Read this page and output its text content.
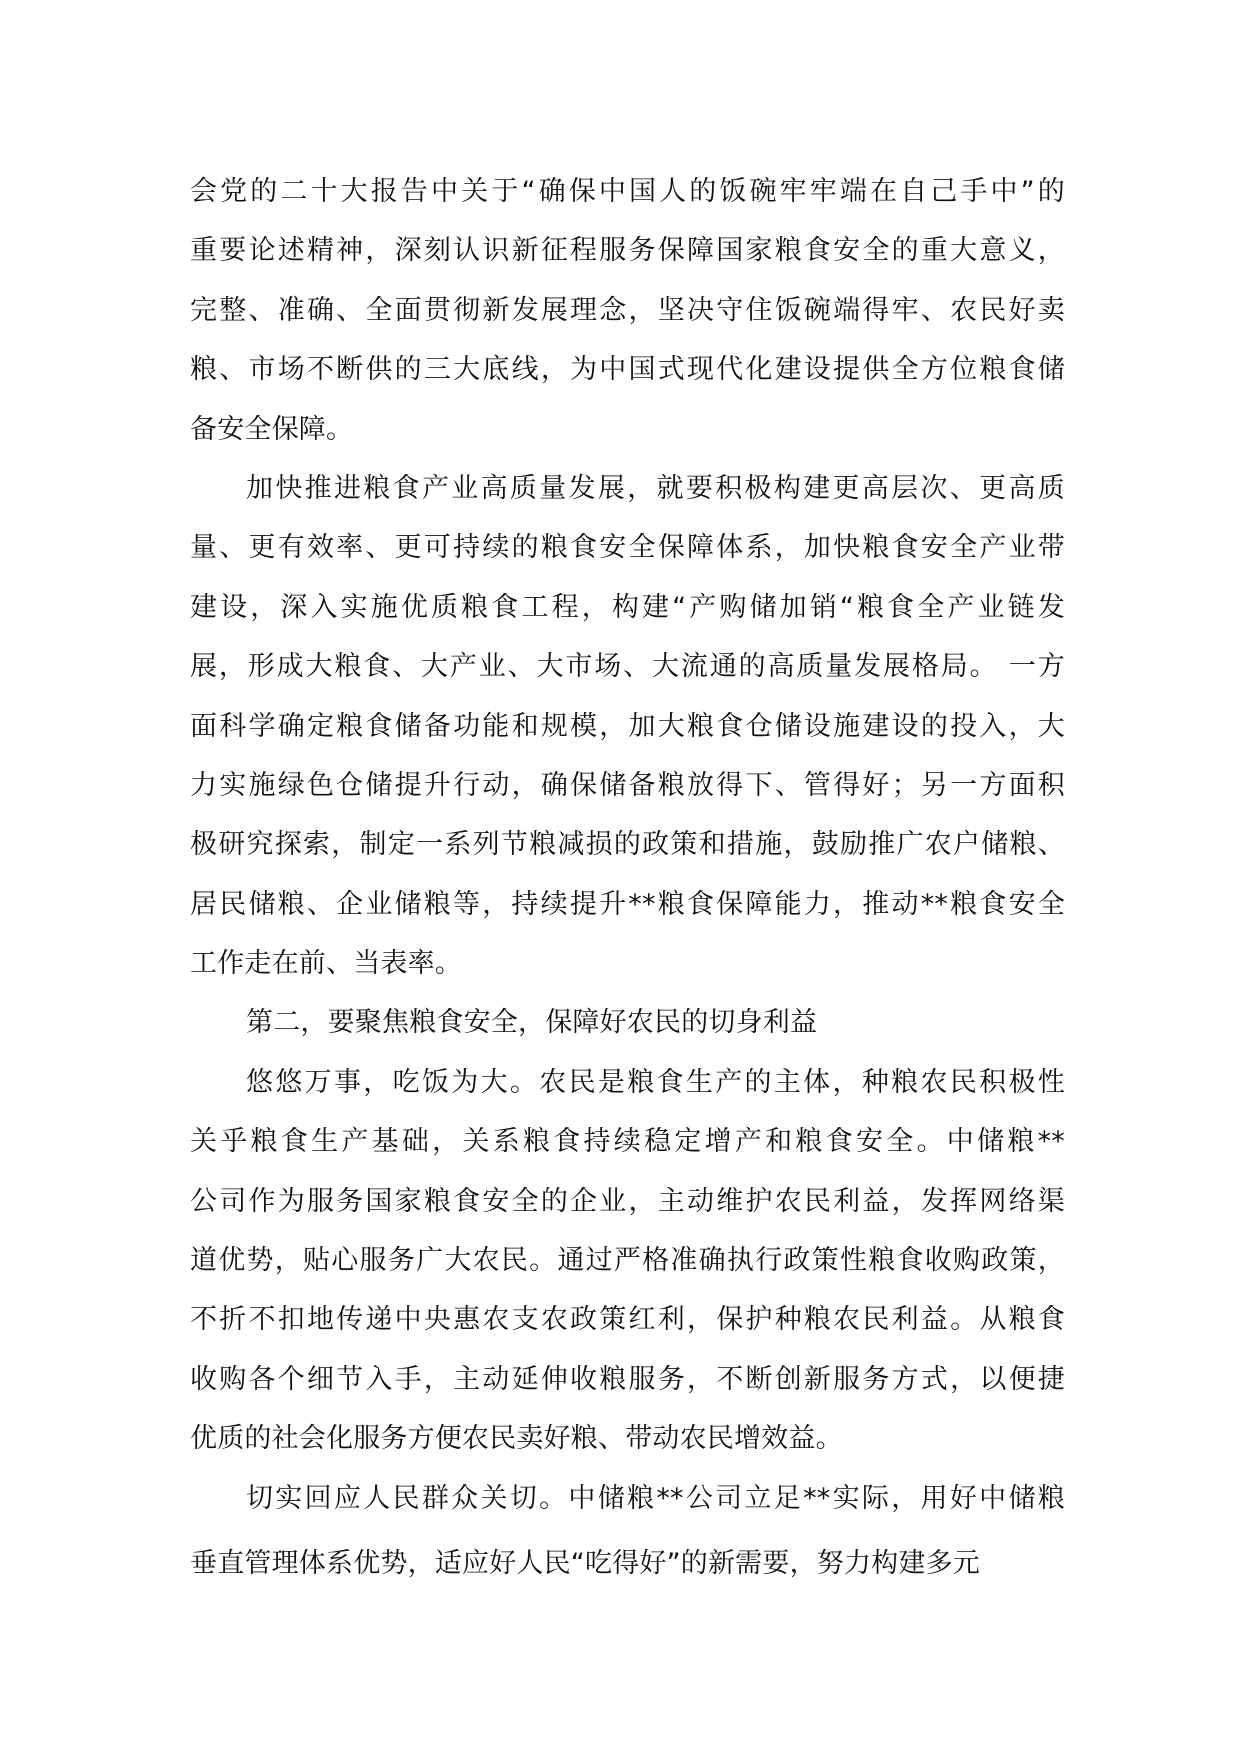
会党的二十大报告中关于“确保中国人的饭碗牢牢端在自己手中”的
重要论述精神，深刻认识新征程服务保障国家粮食安全的重大意义，
完整、准确、全面贯彻新发展理念，坚决守住饭碗端得牢、农民好卖
粮、市场不断供的三大底线，为中国式现代化建设提供全方位粮食储
备安全保障。
加快推进粮食产业高质量发展，就要积极构建更高层次、更高质
量、更有效率、更可持续的粮食安全保障体系，加快粮食安全产业带
建设，深入实施优质粮食工程，构建“产购储加销“粮食全产业链发
展，形成大粮食、大产业、大市场、大流通的高质量发展格局。 一方
面科学确定粮食储备功能和规模，加大粮食仓储设施建设的投入，大
力实施绿色仓储提升行动，确保储备粮放得下、管得好；另一方面积
极研究探索，制定一系列节粮减损的政策和措施，鼓励推广农户储粮、
居民储粮、企业储粮等，持续提升**粮食保障能力，推动**粮食安全
工作走在前、当表率。
第二，要聚焦粮食安全，保障好农民的切身利益
悠悠万事，吃饭为大。农民是粮食生产的主体，种粮农民积极性
关乎粮食生产基础，关系粮食持续稳定增产和粮食安全。中储粮**
公司作为服务国家粮食安全的企业，主动维护农民利益，发挥网络渠
道优势，贴心服务广大农民。通过严格准确执行政策性粮食收购政策，
不折不扣地传递中央惠农支农政策红利，保护种粮农民利益。从粮食
收购各个细节入手，主动延伸收粮服务，不断创新服务方式，以便捷
优质的社会化服务方便农民卖好粮、带动农民增效益。
切实回应人民群众关切。中储粮**公司立足**实际，用好中储粮
垂直管理体系优势，适应好人民“吃得好”的新需要，努力构建多元
